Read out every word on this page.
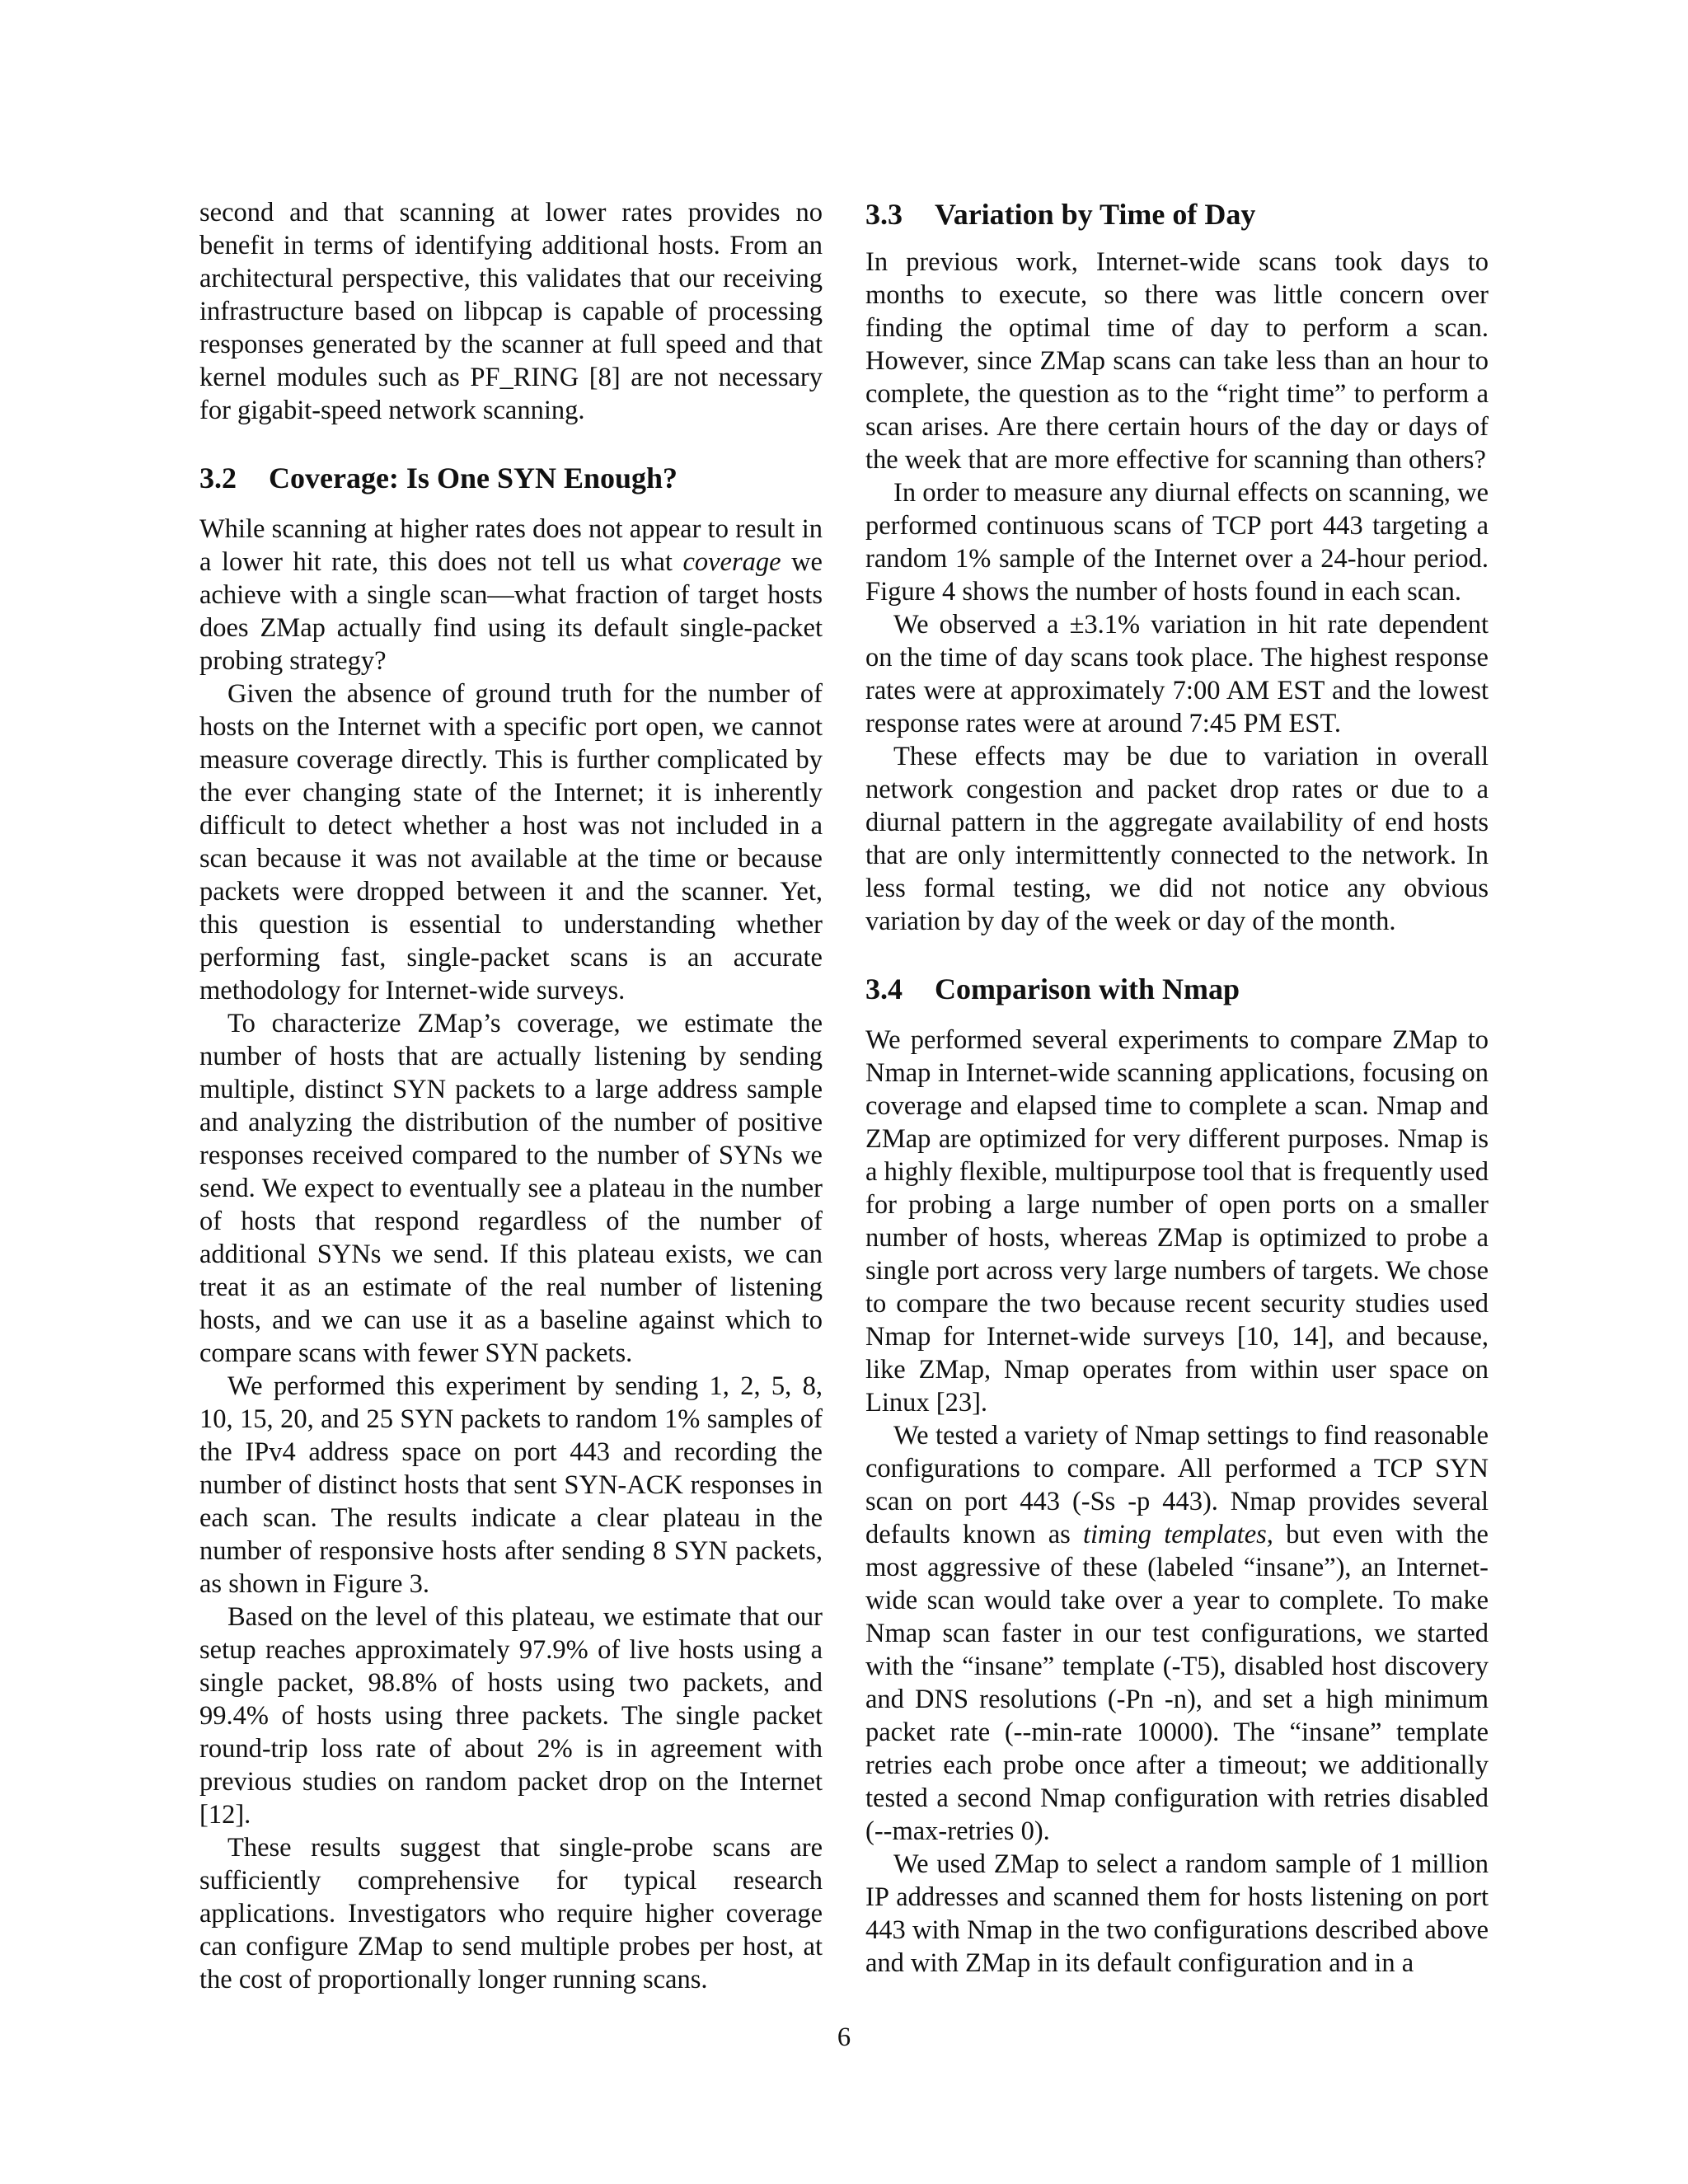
second and that scanning at lower rates provides no benefit in terms of identifying additional hosts. From an architectural perspective, this validates that our receiving infrastructure based on libpcap is capable of processing responses generated by the scanner at full speed and that kernel modules such as PF_RING [8] are not necessary for gigabit-speed network scanning.

3.2 Coverage: Is One SYN Enough?

While scanning at higher rates does not appear to result in a lower hit rate, this does not tell us what coverage we achieve with a single scan—what fraction of target hosts does ZMap actually find using its default single-packet probing strategy?

Given the absence of ground truth for the number of hosts on the Internet with a specific port open, we cannot measure coverage directly. This is further complicated by the ever changing state of the Internet; it is inherently difficult to detect whether a host was not included in a scan because it was not available at the time or because packets were dropped between it and the scanner. Yet, this question is essential to understanding whether performing fast, single-packet scans is an accurate methodology for Internet-wide surveys.

To characterize ZMap’s coverage, we estimate the number of hosts that are actually listening by sending multiple, distinct SYN packets to a large address sample and analyzing the distribution of the number of positive responses received compared to the number of SYNs we send. We expect to eventually see a plateau in the number of hosts that respond regardless of the number of additional SYNs we send. If this plateau exists, we can treat it as an estimate of the real number of listening hosts, and we can use it as a baseline against which to compare scans with fewer SYN packets.

We performed this experiment by sending 1, 2, 5, 8, 10, 15, 20, and 25 SYN packets to random 1% samples of the IPv4 address space on port 443 and recording the number of distinct hosts that sent SYN-ACK responses in each scan. The results indicate a clear plateau in the number of responsive hosts after sending 8 SYN packets, as shown in Figure 3.

Based on the level of this plateau, we estimate that our setup reaches approximately 97.9% of live hosts using a single packet, 98.8% of hosts using two packets, and 99.4% of hosts using three packets. The single packet round-trip loss rate of about 2% is in agreement with previous studies on random packet drop on the Internet [12].

These results suggest that single-probe scans are sufficiently comprehensive for typical research applications. Investigators who require higher coverage can configure ZMap to send multiple probes per host, at the cost of proportionally longer running scans.

3.3 Variation by Time of Day

In previous work, Internet-wide scans took days to months to execute, so there was little concern over finding the optimal time of day to perform a scan. However, since ZMap scans can take less than an hour to complete, the question as to the “right time” to perform a scan arises. Are there certain hours of the day or days of the week that are more effective for scanning than others?

In order to measure any diurnal effects on scanning, we performed continuous scans of TCP port 443 targeting a random 1% sample of the Internet over a 24-hour period. Figure 4 shows the number of hosts found in each scan.

We observed a ±3.1% variation in hit rate dependent on the time of day scans took place. The highest response rates were at approximately 7:00 AM EST and the lowest response rates were at around 7:45 PM EST.

These effects may be due to variation in overall network congestion and packet drop rates or due to a diurnal pattern in the aggregate availability of end hosts that are only intermittently connected to the network. In less formal testing, we did not notice any obvious variation by day of the week or day of the month.

3.4 Comparison with Nmap

We performed several experiments to compare ZMap to Nmap in Internet-wide scanning applications, focusing on coverage and elapsed time to complete a scan. Nmap and ZMap are optimized for very different purposes. Nmap is a highly flexible, multipurpose tool that is frequently used for probing a large number of open ports on a smaller number of hosts, whereas ZMap is optimized to probe a single port across very large numbers of targets. We chose to compare the two because recent security studies used Nmap for Internet-wide surveys [10, 14], and because, like ZMap, Nmap operates from within user space on Linux [23].

We tested a variety of Nmap settings to find reasonable configurations to compare. All performed a TCP SYN scan on port 443 (-Ss -p 443). Nmap provides several defaults known as timing templates, but even with the most aggressive of these (labeled “insane”), an Internet-wide scan would take over a year to complete. To make Nmap scan faster in our test configurations, we started with the “insane” template (-T5), disabled host discovery and DNS resolutions (-Pn -n), and set a high minimum packet rate (--min-rate 10000). The “insane” template retries each probe once after a timeout; we additionally tested a second Nmap configuration with retries disabled (--max-retries 0).

We used ZMap to select a random sample of 1 million IP addresses and scanned them for hosts listening on port 443 with Nmap in the two configurations described above and with ZMap in its default configuration and in a

6
